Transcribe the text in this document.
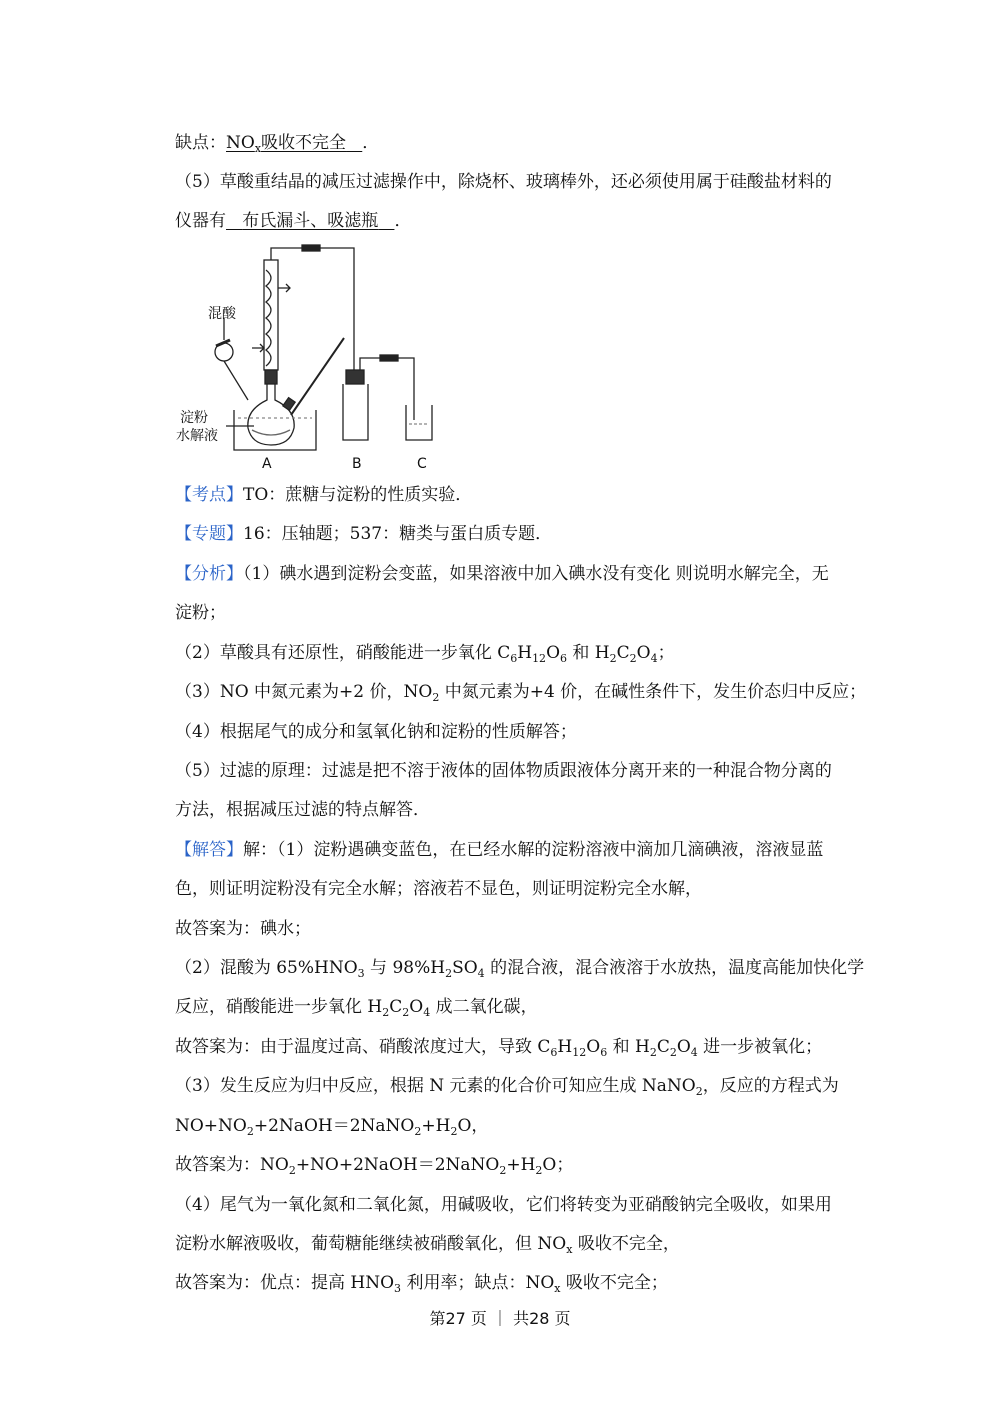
缺点：$NO_x$吸收不完全 ．
（5）草酸重结晶的减压过滤操作中，除烧杯、玻璃棒外，还必须使用属于硅酸盐材料的
仪器有 布氏漏斗、吸滤瓶 ．
混酸
淀粉
水解液
A	B	C
【考点】TO：蔗糖与淀粉的性质实验．
【专题】16：压轴题；537：糖类与蛋白质专题．
【分析】（1）碘水遇到淀粉会变蓝，如果溶液中加入碘水没有变化 则说明水解完全，无
淀粉；
（2）草酸具有还原性，硝酸能进一步氧化 $C_6H_{12}O_6$ 和 $H_2C_2O_4$；
（3）NO 中氮元素为+2 价，$NO_2$ 中氮元素为+4 价，在碱性条件下，发生价态归中反应；
（4）根据尾气的成分和氢氧化钠和淀粉的性质解答；
（5）过滤的原理：过滤是把不溶于液体的固体物质跟液体分离开来的一种混合物分离的
方法，根据减压过滤的特点解答．
【解答】解：（1）淀粉遇碘变蓝色，在已经水解的淀粉溶液中滴加几滴碘液，溶液显蓝
色，则证明淀粉没有完全水解；溶液若不显色，则证明淀粉完全水解，
故答案为：碘水；
（2）混酸为 $65\%HNO_3$ 与 $98\%H_2SO_4$ 的混合液，混合液溶于水放热，温度高能加快化学
反应，硝酸能进一步氧化 $H_2C_2O_4$ 成二氧化碳，
故答案为：由于温度过高、硝酸浓度过大，导致 $C_6H_{12}O_6$ 和 $H_2C_2O_4$ 进一步被氧化；
（3）发生反应为归中反应，根据 N 元素的化合价可知应生成 NaNO$_2$，反应的方程式为
$NO+NO_2+2NaOH=2NaNO_2+H_2O$，
故答案为：$NO_2+NO+2NaOH=2NaNO_2+H_2O$；
（4）尾气为一氧化氮和二氧化氮，用碱吸收，它们将转变为亚硝酸钠完全吸收，如果用
淀粉水解液吸收，葡萄糖能继续被硝酸氧化，但 $NO_x$ 吸收不完全，
故答案为：优点：提高 $HNO_3$ 利用率；缺点：$NO_x$ 吸收不完全；
第27 页 ｜ 共28 页
